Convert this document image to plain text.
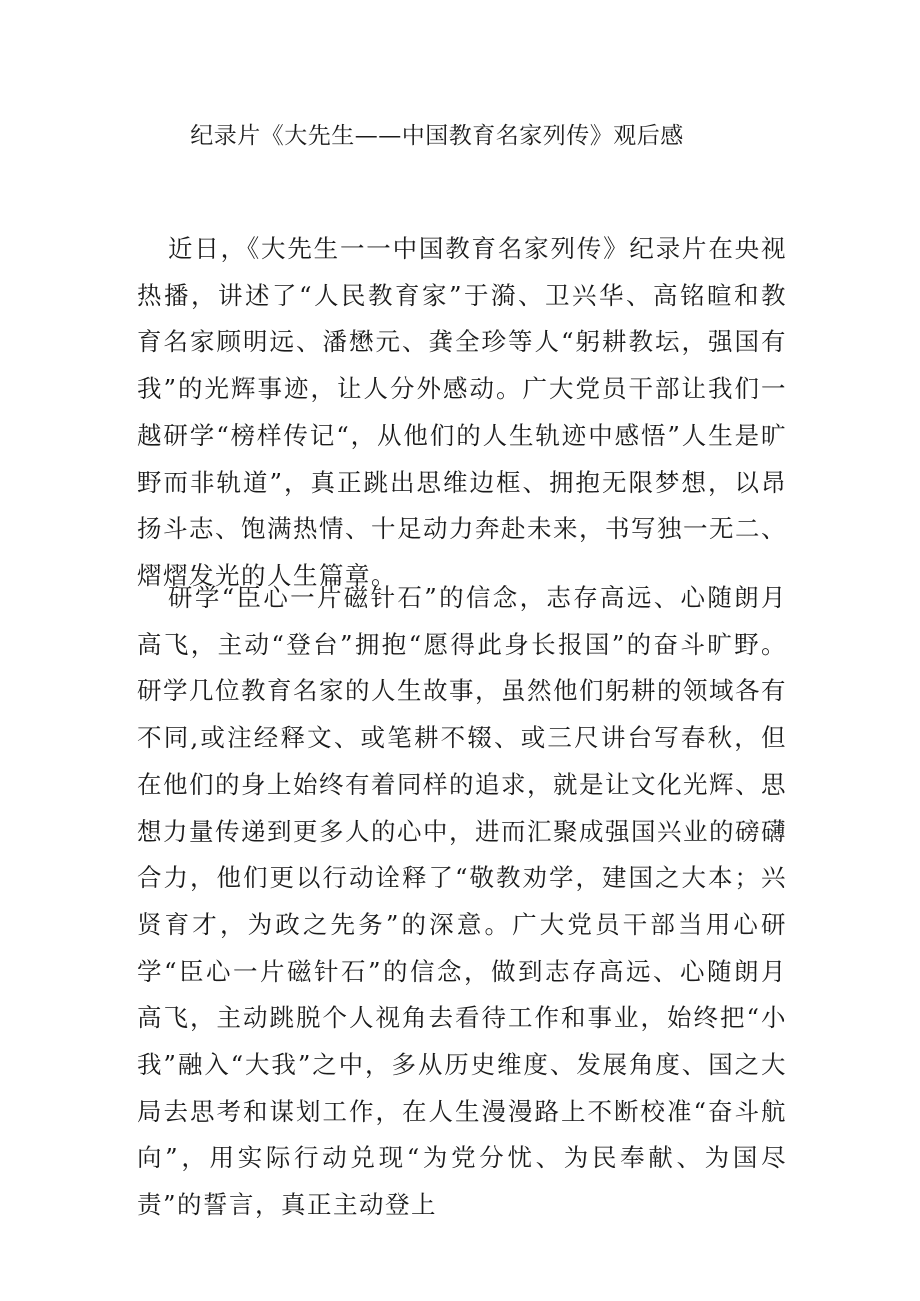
纪录片《大先生——中国教育名家列传》观后感

近日，《大先生一一中国教育名家列传》纪录片在央视热播，讲述了“人民教育家”于漪、卫兴华、高铭暄和教育名家顾明远、潘懋元、龚全珍等人“躬耕教坛，强国有我”的光辉事迹，让人分外感动。广大党员干部让我们一越研学“榜样传记“，从他们的人生轨迹中感悟”人生是旷野而非轨道”，真正跳出思维边框、拥抱无限梦想，以昂扬斗志、饱满热情、十足动力奔赴未来，书写独一无二、熠熠发光的人生篇章。

研学“臣心一片磁针石”的信念，志存高远、心随朗月高飞，主动“登台”拥抱“愿得此身长报国”的奋斗旷野。研学几位教育名家的人生故事，虽然他们躬耕的领域各有不同,或注经释文、或笔耕不辍、或三尺讲台写春秋，但在他们的身上始终有着同样的追求，就是让文化光辉、思想力量传递到更多人的心中，进而汇聚成强国兴业的磅礴合力，他们更以行动诠释了“敬教劝学，建国之大本；兴贤育才，为政之先务”的深意。广大党员干部当用心研学“臣心一片磁针石”的信念，做到志存高远、心随朗月高飞，主动跳脱个人视角去看待工作和事业，始终把“小我”融入“大我”之中，多从历史维度、发展角度、国之大局去思考和谋划工作，在人生漫漫路上不断校准“奋斗航向”，用实际行动兑现“为党分忧、为民奉献、为国尽责”的誓言，真正主动登上
